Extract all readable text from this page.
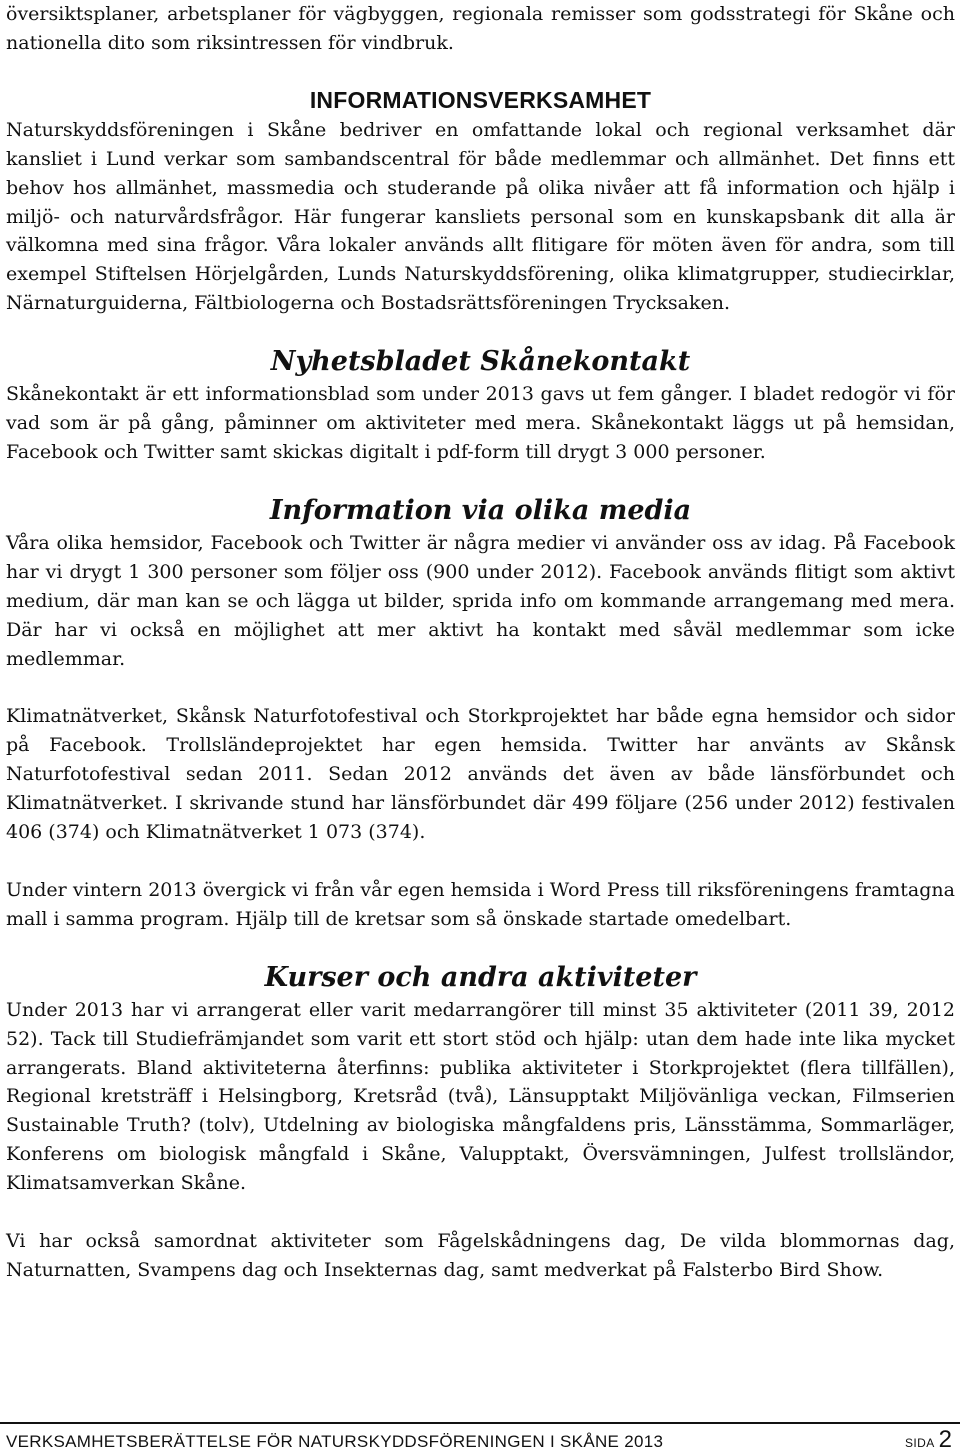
översiktsplaner, arbetsplaner för vägbyggen, regionala remisser som godsstrategi för Skåne och nationella dito som riksintressen för vindbruk.

INFORMATIONSVERKSAMHET

Naturskyddsföreningen i Skåne bedriver en omfattande lokal och regional verksamhet där kansliet i Lund verkar som sambandscentral för både medlemmar och allmänhet. Det finns ett behov hos allmänhet, massmedia och studerande på olika nivåer att få information och hjälp i miljö- och naturvårdsfrågor. Här fungerar kansliets personal som en kunskapsbank dit alla är välkomna med sina frågor. Våra lokaler används allt flitigare för möten även för andra, som till exempel Stiftelsen Hörjelgården, Lunds Naturskyddsförening, olika klimatgrupper, studiecirklar, Närnaturguiderna, Fältbiologerna och Bostadsrättsföreningen Trycksaken.

Nyhetsbladet Skånekontakt

Skånekontakt är ett informationsblad som under 2013 gavs ut fem gånger. I bladet redogör vi för vad som är på gång, påminner om aktiviteter med mera. Skånekontakt läggs ut på hemsidan, Facebook och Twitter samt skickas digitalt i pdf-form till drygt 3 000 personer.

Information via olika media

Våra olika hemsidor, Facebook och Twitter är några medier vi använder oss av idag. På Facebook har vi drygt 1 300 personer som följer oss (900 under 2012). Facebook används flitigt som aktivt medium, där man kan se och lägga ut bilder, sprida info om kommande arrangemang med mera. Där har vi också en möjlighet att mer aktivt ha kontakt med såväl medlemmar som icke medlemmar.

Klimatnätverket, Skånsk Naturfotofestival och Storkprojektet har både egna hemsidor och sidor på Facebook. Trollsländeprojektet har egen hemsida. Twitter har använts av Skånsk Naturfotofestival sedan 2011. Sedan 2012 används det även av både länsförbundet och Klimatnätverket. I skrivande stund har länsförbundet där 499 följare (256 under 2012) festivalen 406 (374) och Klimatnätverket 1 073 (374).

Under vintern 2013 övergick vi från vår egen hemsida i Word Press till riksföreningens framtagna mall i samma program. Hjälp till de kretsar som så önskade startade omedelbart.

Kurser och andra aktiviteter

Under 2013 har vi arrangerat eller varit medarrangörer till minst 35 aktiviteter (2011 39, 2012 52). Tack till Studiefrämjandet som varit ett stort stöd och hjälp: utan dem hade inte lika mycket arrangerats. Bland aktiviteterna återfinns: publika aktiviteter i Storkprojektet (flera tillfällen), Regional kretsträff i Helsingborg, Kretsråd (två), Länsupptakt Miljövänliga veckan, Filmserien Sustainable Truth? (tolv), Utdelning av biologiska mångfaldens pris, Länsstämma, Sommarläger, Konferens om biologisk mångfald i Skåne, Valupptakt, Översvämningen, Julfest trollsländor, Klimatsamverkan Skåne.

Vi har också samordnat aktiviteter som Fågelskådningens dag, De vilda blommornas dag, Naturnatten, Svampens dag och Insekternas dag, samt medverkat på Falsterbo Bird Show.

VERKSAMHETSBERÄTTELSE FÖR NATURSKYDDSFÖRENINGEN I SKÅNE 2013	SIDA 2
